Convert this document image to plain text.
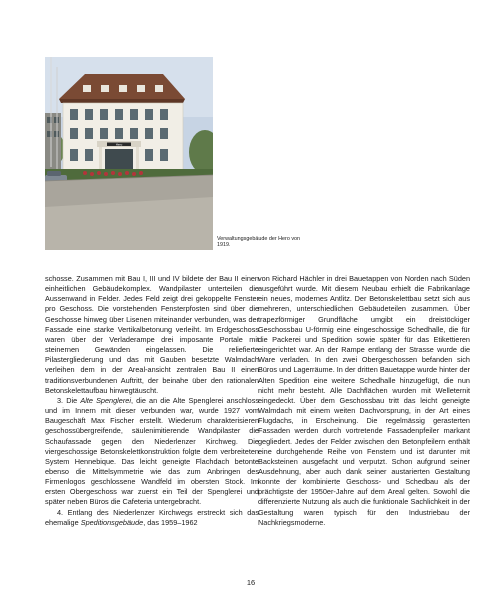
Hero
Verwaltungsgebäude der Hero von 1919.

schosse. Zusammen mit Bau I, III und IV bildete der Bau II einen einheitlichen Gebäudekomplex. Wandpilaster unterteilen die Aussenwand in Felder. Jedes Feld zeigt drei gekoppelte Fenster pro Geschoss. Die vorstehenden Fensterpfosten sind über die Geschosse hinweg über Lisenen miteinander verbunden, was der Fassade eine starke Vertikalbetonung verleiht. Im Erdgeschoss waren über der Verladerampe drei imposante Portale mit steinernen Gewänden eingelassen. Die reliefierte Pilastergliederung und das mit Gauben besetzte Walmdach verleihen dem in der Areal-ansicht zentralen Bau II einen traditionsverbundenen Auftritt, der beinahe über den rationalen Betonskelettaufbau hinwegtäuscht.

3. Die Alte Spenglerei, die an die Alte Spenglerei anschloss und im Innern mit dieser verbunden war, wurde 1927 vom Baugeschäft Max Fischer erstellt. Wiederum charakterisieren geschossübergreifende, säulenimitierende Wandpilaster die Schaufassade gegen den Niederlenzer Kirchweg. Die viergeschossige Betonskelettkonstruktion folgte dem verbreiteten System Hennebique. Das leicht geneigte Flachdach betonte ebenso die Mittelsymmetrie wie das zum Anbringen des Firmenlogos geschlossene Wandfeld im obersten Stock. Im ersten Obergeschoss war zuerst ein Teil der Spenglerei und später neben Büros die Cafeteria untergebracht.

4. Entlang des Niederlenzer Kirchwegs erstreckt sich das ehemalige Speditionsgebäude, das 1959–1962

von Richard Hächler in drei Bauetappen von Norden nach Süden ausgeführt wurde. Mit diesem Neubau erhielt die Fabrikanlage ein neues, modernes Antlitz. Der Betonskelettbau setzt sich aus mehreren, unterschiedlichen Gebäudeteilen zusammen. Über trapezförmiger Grundfläche umgibt ein dreistöckiger Geschossbau U-förmig eine eingeschossige Schedhalle, die für die Packerei und Spedition sowie später für das Etikettieren eingerichtet war. An der Rampe entlang der Strasse wurde die Ware verladen. In den zwei Obergeschossen befanden sich Büros und Lagerräume. In der dritten Bauetappe wurde hinter der Alten Spedition eine weitere Schedhalle hinzugefügt, die nun nicht mehr besteht. Alle Dachflächen wurden mit Welleternit eingedeckt. Über dem Geschossbau tritt das leicht geneigte Walmdach mit einem weiten Dachvorsprung, in der Art eines Flugdachs, in Erscheinung. Die regelmässig gerasterten Fassaden werden durch vortretende Fassadenpfeiler markant gegliedert. Jedes der Felder zwischen den Betonpfeilern enthält eine durchgehende Reihe von Fenstern und ist darunter mit Backsteinen ausgefacht und verputzt. Schon aufgrund seiner Ausdehnung, aber auch dank seiner austarierten Gestaltung konnte der kombinierte Geschoss- und Schedbau als der prächtigste der 1950er-Jahre auf dem Areal gelten. Sowohl die differenzierte Nutzung als auch die funktionale Sachlichkeit in der Gestaltung waren typisch für den Industriebau der Nachkriegsmoderne.

16
